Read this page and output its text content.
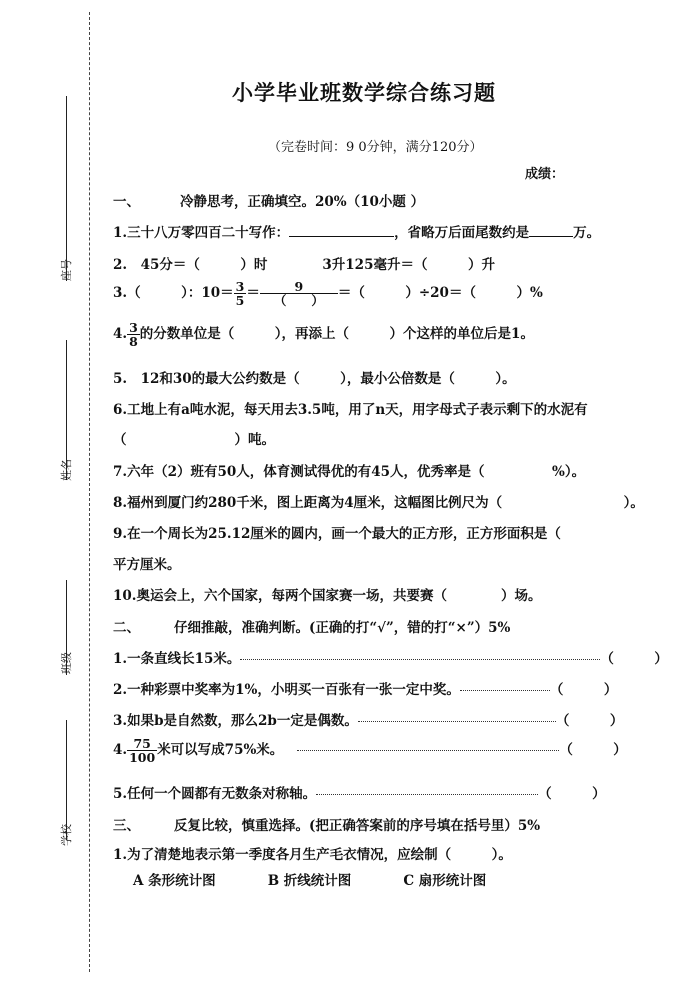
座号
姓名
班级
学校
小学毕业班数学综合练习题
（完卷时间：9 0分钟，满分120分）
成绩：
一、	冷静思考，正确填空。20%（10小题 ）
1.三十八万零四百二十写作：	，省略万后面尾数约是	万。
2.　45分＝（　　　）时	3升125毫升＝（　　　）升
3.（　　　）：$10= \frac{3}{5} = \frac{9}{( )}$ ＝（　　　）÷20＝（　　　）%
4. $\frac{3}{8}$ 的分数单位是（　　　），再添上（　　　）个这样的单位后是1。
5.　12和30的最大公约数是（　　　），最小公倍数是（　　　）。
6.工地上有a吨水泥，每天用去3.5吨，用了n天，用字母式子表示剩下的水泥有
（　　　　　　　　）吨。
7.六年（2）班有50人，体育测试得优的有45人，优秀率是（　　　　　%）。
8.福州到厦门约280千米，图上距离为4厘米，这幅图比例尺为（　　　　　　　　　）。
9.在一个周长为25.12厘米的圆内，画一个最大的正方形，正方形面积是（
平方厘米。
10.奥运会上，六个国家，每两个国家赛一场，共要赛（　　　　）场。
二、	仔细推敲，准确判断。(正确的打“√”，错的打“×”）5%
1.一条直线长15米。	（　　　）
2.一种彩票中奖率为1%，小明买一百张有一张一定中奖。	（　　　）
3.如果b是自然数，那么2b一定是偶数。	（　　　）
4. $\frac{75}{100}$ 米可以写成75%米。	（　　　）
5.任何一个圆都有无数条对称轴。	（　　　）
三、	反复比较，慎重选择。(把正确答案前的序号填在括号里）5%
1.为了清楚地表示第一季度各月生产毛衣情况，应绘制（　　　）。
A 条形统计图	B 折线统计图	C 扇形统计图
